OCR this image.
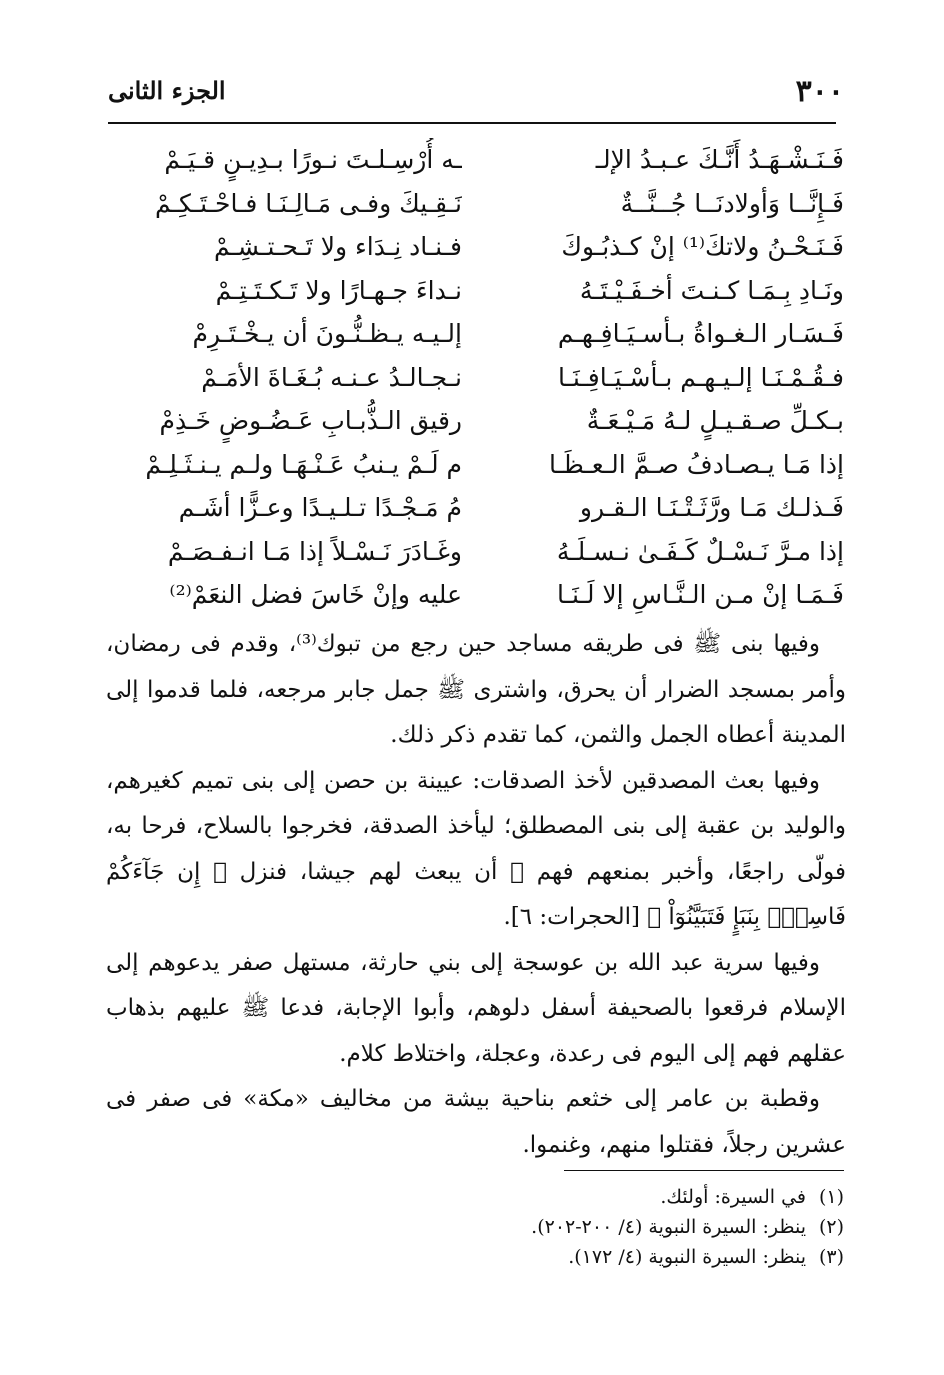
٣٠٠
الجزء الثانى
فَـنَـشْـهَـدُ أَنَّـكَ عـبـدُ الإلـ
ـه أُرْسِـلـتَ نـورًا بـدِيـنٍ قـيَـمْ
فَـإِنَّــا وَأولادنَــا جُــنَّــةٌ
نَـقِـيكَ وفـى مَـالِـنَـا فـاحْـتَـكِـمْ
فَـنَـحْـنُ ولاتكَ⁽¹⁾ إنْ كـذبُـوكَ
فـنـاد نِـدَاء ولا تَـحـتـشِـمْ
ونَـادِ بِـمَـا كـنـتَ أخـفَـيْـتَـهُ
نـداءَ جـهـارًا ولا تَـكـتَـتِـمْ
فَـسَـار الـغـواةُ بـأسـيَـافِـهـم
إلـيـه يـظـنُّـونَ أن يـخْـتَـرِمْ
فـقُـمْـنَـا إلـيـهـم بـأسْـيَـافِـنَـا
نـجـالـدُ عـنـه بُـغَـاةَ الأمَـمْ
بـكـلِّ صـقـيـلٍ لـهُ مَـيْـعَـةٌ
رقيق الـذُّبـابِ عَـضُـوضٍ خَـذِمْ
إذا مَـا يـصـادفُ صـمَّ الـعـظَـا
م لَـمْ يـنبُ عَـنْـهَـا ولـم يـنـثَـلِـمْ
فَـذلـك مَـا ورَّثَـتْـنَـا الـقـرو
مُ مَـجْـدًا تـلـيـدًا وعـزًّا أشَـم
إذا مـرَّ نَـسْـلٌ كَـفَـىٰ نـسـلَـهُ
وغَـادَرَ نَـسْـلاً إذا مَـا انـفـصَـمْ
فَـمَـا إنْ مـن الـنَّـاسِ إلا لَـنَـا
عليه وإنْ خَاسَ فضل النعَمْ⁽²⁾

وفيها بنى ﷺ فى طريقه مساجد حين رجع من تبوك⁽³⁾، وقدم فى رمضان، وأمر بمسجد الضرار أن يحرق، واشترى ﷺ جمل جابر مرجعه، فلما قدموا إلى المدينة أعطاه الجمل والثمن، كما تقدم ذكر ذلك.

وفيها بعث المصدقين لأخذ الصدقات: عيينة بن حصن إلى بنى تميم كغيرهم، والوليد بن عقبة إلى بنى المصطلق؛ ليأخذ الصدقة، فخرجوا بالسلاح، فرحا به، فولّى راجعًا، وأخبر بمنعهم فهم ﷺ أن يبعث لهم جيشا، فنزل ﴿ إِن جَآءَكُمْ فَاسِقُۢ بِنَبَإٍ فَتَبَيَّنُوٓاْ ﴾ [الحجرات: ٦].

وفيها سرية عبد الله بن عوسجة إلى بني حارثة، مستهل صفر يدعوهم إلى الإسلام فرقعوا بالصحيفة أسفل دلوهم، وأبوا الإجابة، فدعا ﷺ عليهم بذهاب عقلهم فهم إلى اليوم فى رعدة، وعجلة، واختلاط كلام.

وقطبة بن عامر إلى خثعم بناحية بيشة من مخاليف «مكة» فى صفر فى عشرين رجلاً، فقتلوا منهم، وغنموا.

(١)
في السيرة: أولئك.
(٢)
ينظر: السيرة النبوية (٤/ ٢٠٠-٢٠٢).
(٣)
ينظر: السيرة النبوية (٤/ ١٧٢).
